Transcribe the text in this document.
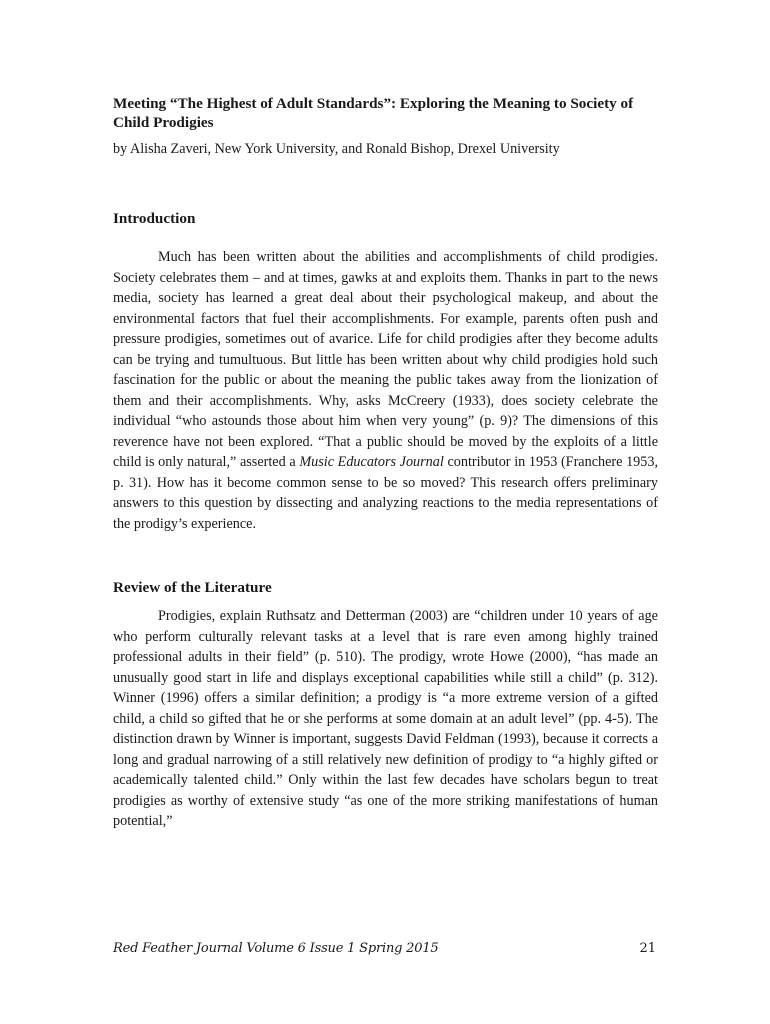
Meeting “The Highest of Adult Standards”: Exploring the Meaning to Society of Child Prodigies

by Alisha Zaveri, New York University, and Ronald Bishop, Drexel University

Introduction

Much has been written about the abilities and accomplishments of child prodigies. Society celebrates them – and at times, gawks at and exploits them. Thanks in part to the news media, society has learned a great deal about their psychological makeup, and about the environmental factors that fuel their accomplishments. For example, parents often push and pressure prodigies, sometimes out of avarice. Life for child prodigies after they become adults can be trying and tumultuous. But little has been written about why child prodigies hold such fascination for the public or about the meaning the public takes away from the lionization of them and their accomplishments. Why, asks McCreery (1933), does society celebrate the individual “who astounds those about him when very young” (p. 9)? The dimensions of this reverence have not been explored. “That a public should be moved by the exploits of a little child is only natural,” asserted a Music Educators Journal contributor in 1953 (Franchere 1953, p. 31). How has it become common sense to be so moved? This research offers preliminary answers to this question by dissecting and analyzing reactions to the media representations of the prodigy’s experience.

Review of the Literature

Prodigies, explain Ruthsatz and Detterman (2003) are “children under 10 years of age who perform culturally relevant tasks at a level that is rare even among highly trained professional adults in their field” (p. 510). The prodigy, wrote Howe (2000), “has made an unusually good start in life and displays exceptional capabilities while still a child” (p. 312). Winner (1996) offers a similar definition; a prodigy is “a more extreme version of a gifted child, a child so gifted that he or she performs at some domain at an adult level” (pp. 4-5). The distinction drawn by Winner is important, suggests David Feldman (1993), because it corrects a long and gradual narrowing of a still relatively new definition of prodigy to “a highly gifted or academically talented child.” Only within the last few decades have scholars begun to treat prodigies as worthy of extensive study “as one of the more striking manifestations of human potential,”

Red Feather Journal Volume 6 Issue 1 Spring 2015	21
